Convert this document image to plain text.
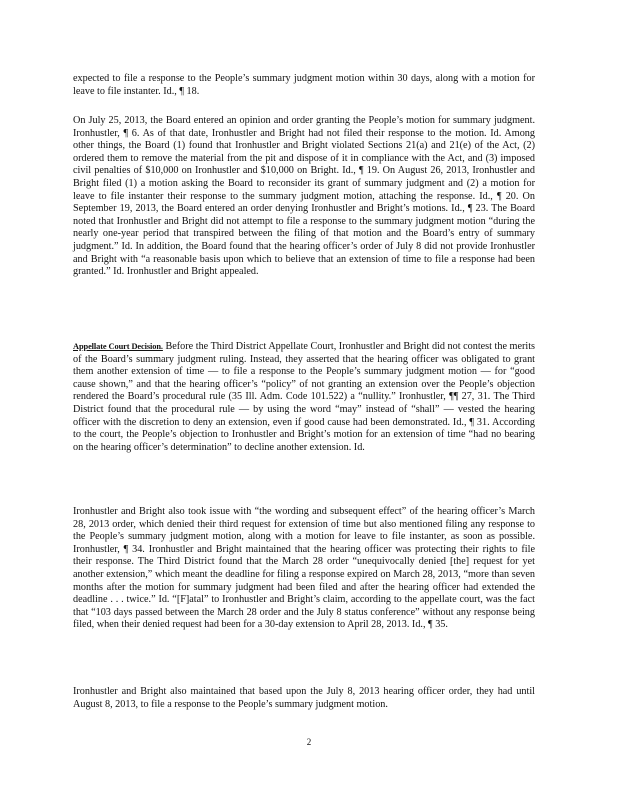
expected to file a response to the People’s summary judgment motion within 30 days, along with a motion for leave to file instanter. Id., ¶ 18.

On July 25, 2013, the Board entered an opinion and order granting the People’s motion for summary judgment. Ironhustler, ¶ 6. As of that date, Ironhustler and Bright had not filed their response to the motion. Id. Among other things, the Board (1) found that Ironhustler and Bright violated Sections 21(a) and 21(e) of the Act, (2) ordered them to remove the material from the pit and dispose of it in compliance with the Act, and (3) imposed civil penalties of $10,000 on Ironhustler and $10,000 on Bright. Id., ¶ 19. On August 26, 2013, Ironhustler and Bright filed (1) a motion asking the Board to reconsider its grant of summary judgment and (2) a motion for leave to file instanter their response to the summary judgment motion, attaching the response. Id., ¶ 20. On September 19, 2013, the Board entered an order denying Ironhustler and Bright’s motions. Id., ¶ 23. The Board noted that Ironhustler and Bright did not attempt to file a response to the summary judgment motion “during the nearly one-year period that transpired between the filing of that motion and the Board’s entry of summary judgment.” Id. In addition, the Board found that the hearing officer’s order of July 8 did not provide Ironhustler and Bright with “a reasonable basis upon which to believe that an extension of time to file a response had been granted.” Id. Ironhustler and Bright appealed.

Appellate Court Decision. Before the Third District Appellate Court, Ironhustler and Bright did not contest the merits of the Board’s summary judgment ruling. Instead, they asserted that the hearing officer was obligated to grant them another extension of time — to file a response to the People’s summary judgment motion — for “good cause shown,” and that the hearing officer’s “policy” of not granting an extension over the People’s objection rendered the Board’s procedural rule (35 Ill. Adm. Code 101.522) a “nullity.” Ironhustler, ¶¶ 27, 31. The Third District found that the procedural rule — by using the word “may” instead of “shall” — vested the hearing officer with the discretion to deny an extension, even if good cause had been demonstrated. Id., ¶ 31. According to the court, the People’s objection to Ironhustler and Bright’s motion for an extension of time “had no bearing on the hearing officer’s determination” to decline another extension. Id.

Ironhustler and Bright also took issue with “the wording and subsequent effect” of the hearing officer’s March 28, 2013 order, which denied their third request for extension of time but also mentioned filing any response to the People’s summary judgment motion, along with a motion for leave to file instanter, as soon as possible. Ironhustler, ¶ 34. Ironhustler and Bright maintained that the hearing officer was protecting their rights to file their response. The Third District found that the March 28 order “unequivocally denied [the] request for yet another extension,” which meant the deadline for filing a response expired on March 28, 2013, “more than seven months after the motion for summary judgment had been filed and after the hearing officer had extended the deadline . . . twice.” Id. “[F]atal” to Ironhustler and Bright’s claim, according to the appellate court, was the fact that “103 days passed between the March 28 order and the July 8 status conference” without any response being filed, when their denied request had been for a 30-day extension to April 28, 2013. Id., ¶ 35.

Ironhustler and Bright also maintained that based upon the July 8, 2013 hearing officer order, they had until August 8, 2013, to file a response to the People’s summary judgment motion.

2
